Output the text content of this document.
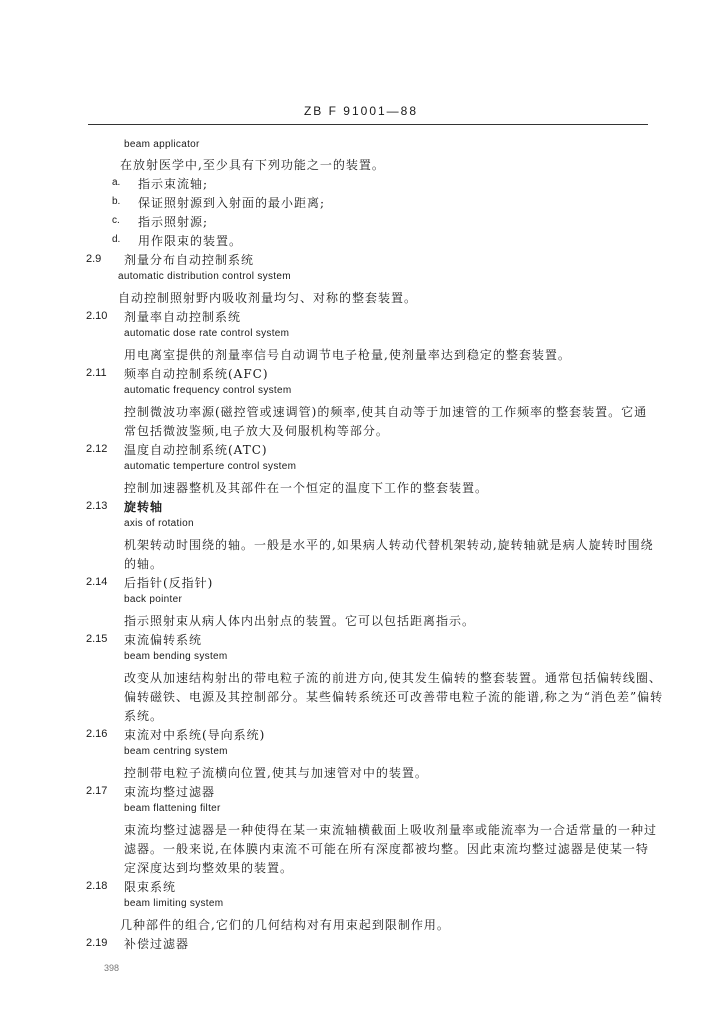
ZB F 91001—88
beam applicator
在放射医学中,至少具有下列功能之一的装置。
a. 指示束流轴;
b. 保证照射源到入射面的最小距离;
c. 指示照射源;
d. 用作限束的装置。
2.9 剂量分布自动控制系统
automatic distribution control system
自动控制照射野内吸收剂量均匀、对称的整套装置。
2.10 剂量率自动控制系统
automatic dose rate control system
用电离室提供的剂量率信号自动调节电子枪量,使剂量率达到稳定的整套装置。
2.11 频率自动控制系统(AFC)
automatic frequency control system
控制微波功率源(磁控管或速调管)的频率,使其自动等于加速管的工作频率的整套装置。它通
常包括微波鉴频,电子放大及伺服机构等部分。
2.12 温度自动控制系统(ATC)
automatic temperture control system
控制加速器整机及其部件在一个恒定的温度下工作的整套装置。
2.13 旋转轴
axis of rotation
机架转动时围绕的轴。一般是水平的,如果病人转动代替机架转动,旋转轴就是病人旋转时围绕
的轴。
2.14 后指针(反指针)
back pointer
指示照射束从病人体内出射点的装置。它可以包括距离指示。
2.15 束流偏转系统
beam bending system
改变从加速结构射出的带电粒子流的前进方向,使其发生偏转的整套装置。通常包括偏转线圈、
偏转磁铁、电源及其控制部分。某些偏转系统还可改善带电粒子流的能谱,称之为“消色差”偏转
系统。
2.16 束流对中系统(导向系统)
beam centring system
控制带电粒子流横向位置,使其与加速管对中的装置。
2.17 束流均整过滤器
beam flattening filter
束流均整过滤器是一种使得在某一束流轴横截面上吸收剂量率或能流率为一合适常量的一种过
滤器。一般来说,在体膜内束流不可能在所有深度都被均整。因此束流均整过滤器是使某一特
定深度达到均整效果的装置。
2.18 限束系统
beam limiting system
几种部件的组合,它们的几何结构对有用束起到限制作用。
2.19 补偿过滤器
398
